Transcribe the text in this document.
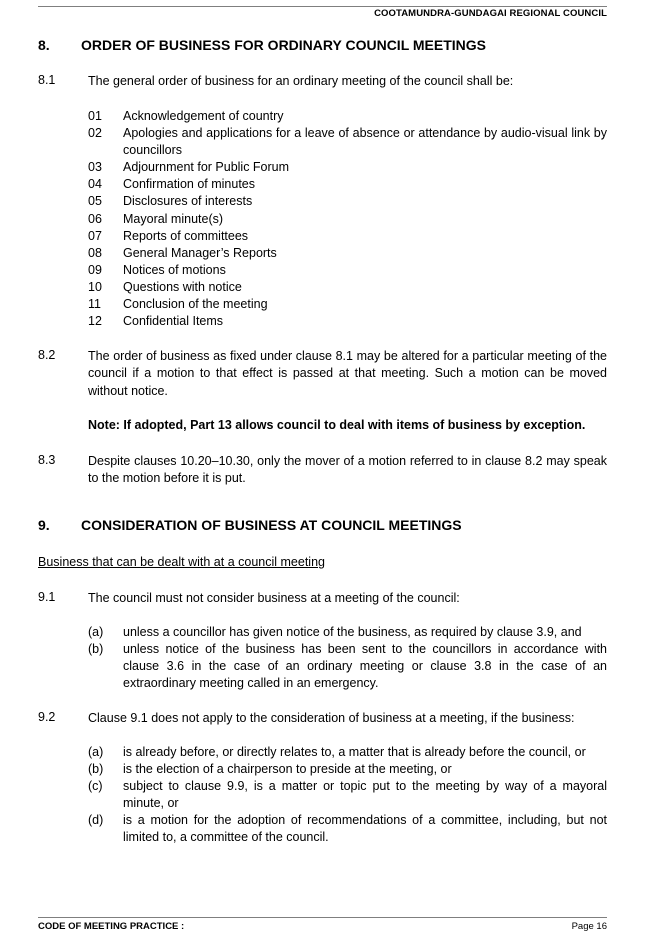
COOTAMUNDRA-GUNDAGAI REGIONAL COUNCIL
8. ORDER OF BUSINESS FOR ORDINARY COUNCIL MEETINGS
8.1	The general order of business for an ordinary meeting of the council shall be:
01 Acknowledgement of country
02 Apologies and applications for a leave of absence or attendance by audio-visual link by councillors
03 Adjournment for Public Forum
04 Confirmation of minutes
05 Disclosures of interests
06 Mayoral minute(s)
07 Reports of committees
08 General Manager’s Reports
09 Notices of motions
10 Questions with notice
11 Conclusion of the meeting
12 Confidential Items
8.2	The order of business as fixed under clause 8.1 may be altered for a particular meeting of the council if a motion to that effect is passed at that meeting. Such a motion can be moved without notice.
Note: If adopted, Part 13 allows council to deal with items of business by exception.
8.3	Despite clauses 10.20–10.30, only the mover of a motion referred to in clause 8.2 may speak to the motion before it is put.
9. CONSIDERATION OF BUSINESS AT COUNCIL MEETINGS
Business that can be dealt with at a council meeting
9.1	The council must not consider business at a meeting of the council:
(a) unless a councillor has given notice of the business, as required by clause 3.9, and
(b) unless notice of the business has been sent to the councillors in accordance with clause 3.6 in the case of an ordinary meeting or clause 3.8 in the case of an extraordinary meeting called in an emergency.
9.2	Clause 9.1 does not apply to the consideration of business at a meeting, if the business:
(a) is already before, or directly relates to, a matter that is already before the council, or
(b) is the election of a chairperson to preside at the meeting, or
(c) subject to clause 9.9, is a matter or topic put to the meeting by way of a mayoral minute, or
(d) is a motion for the adoption of recommendations of a committee, including, but not limited to, a committee of the council.
CODE OF MEETING PRACTICE :	Page 16
